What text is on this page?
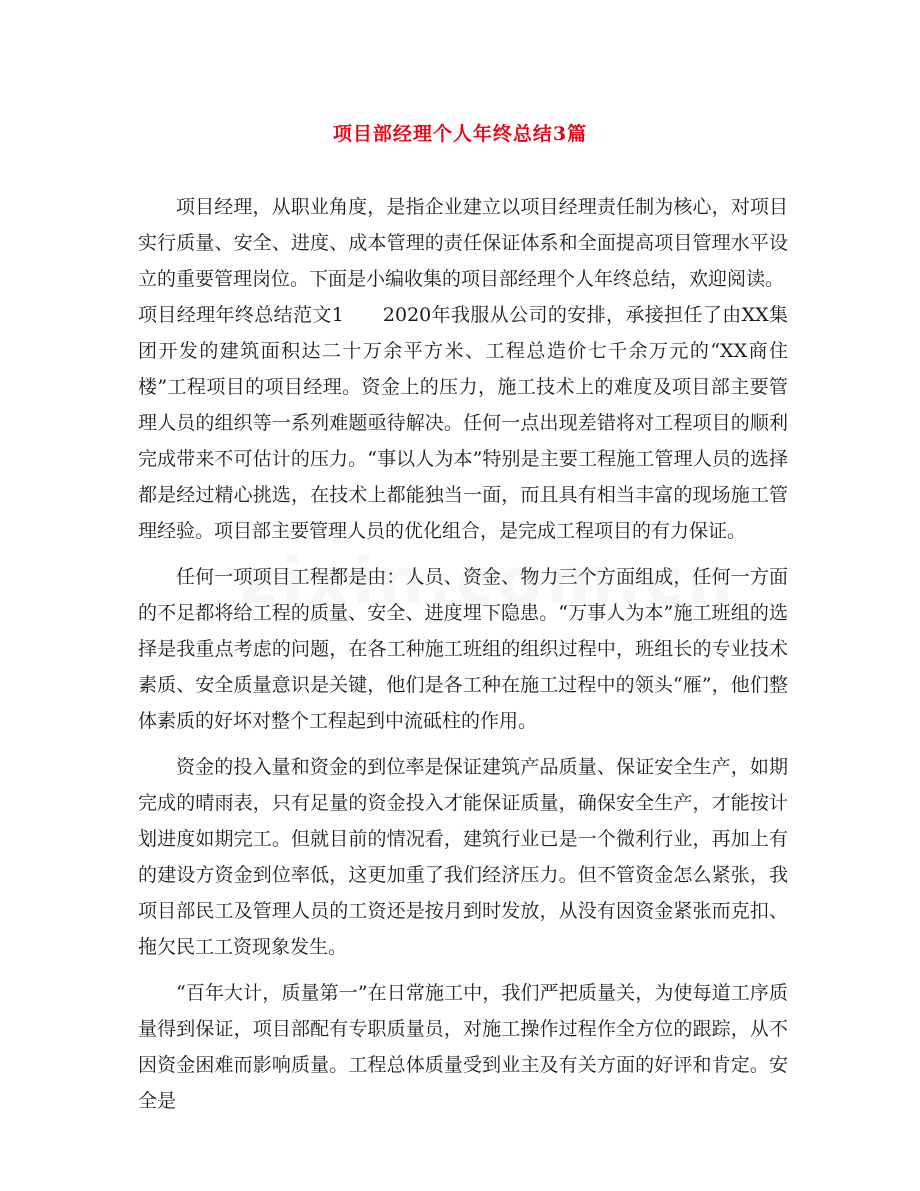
项目部经理个人年终总结3篇

项目经理，从职业角度，是指企业建立以项目经理责任制为核心，对项目实行质量、安全、进度、成本管理的责任保证体系和全面提高项目管理水平设立的重要管理岗位。下面是小编收集的项目部经理个人年终总结，欢迎阅读。

项目经理年终总结范文1　　2020年我服从公司的安排，承接担任了由XX集团开发的建筑面积达二十万余平方米、工程总造价七千余万元的“XX商住楼”工程项目的项目经理。资金上的压力，施工技术上的难度及项目部主要管理人员的组织等一系列难题亟待解决。任何一点出现差错将对工程项目的顺利完成带来不可估计的压力。“事以人为本”特别是主要工程施工管理人员的选择都是经过精心挑选，在技术上都能独当一面，而且具有相当丰富的现场施工管理经验。项目部主要管理人员的优化组合，是完成工程项目的有力保证。

任何一项项目工程都是由：人员、资金、物力三个方面组成，任何一方面的不足都将给工程的质量、安全、进度埋下隐患。“万事人为本”施工班组的选择是我重点考虑的问题，在各工种施工班组的组织过程中，班组长的专业技术素质、安全质量意识是关键，他们是各工种在施工过程中的领头“雁”，他们整体素质的好坏对整个工程起到中流砥柱的作用。

资金的投入量和资金的到位率是保证建筑产品质量、保证安全生产，如期完成的晴雨表，只有足量的资金投入才能保证质量，确保安全生产，才能按计划进度如期完工。但就目前的情况看，建筑行业已是一个微利行业，再加上有的建设方资金到位率低，这更加重了我们经济压力。但不管资金怎么紧张，我项目部民工及管理人员的工资还是按月到时发放，从没有因资金紧张而克扣、拖欠民工工资现象发生。

“百年大计，质量第一”在日常施工中，我们严把质量关，为使每道工序质量得到保证，项目部配有专职质量员，对施工操作过程作全方位的跟踪，从不因资金困难而影响质量。工程总体质量受到业主及有关方面的好评和肯定。安全是
